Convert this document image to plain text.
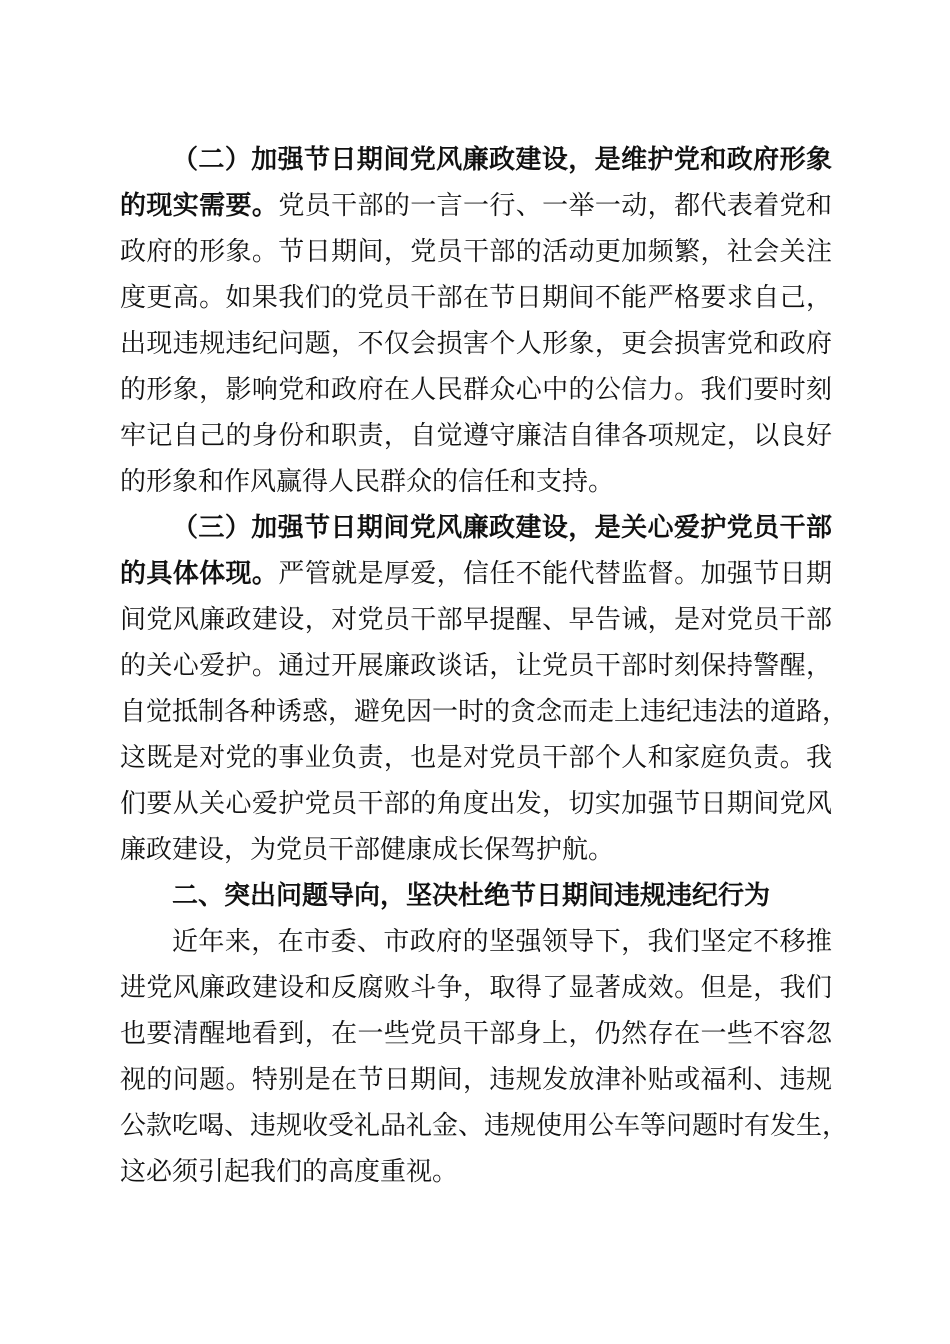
（二）加强节日期间党风廉政建设，是维护党和政府形象
的现实需要。党员干部的一言一行、一举一动，都代表着党和
政府的形象。节日期间，党员干部的活动更加频繁，社会关注
度更高。如果我们的党员干部在节日期间不能严格要求自己，
出现违规违纪问题，不仅会损害个人形象，更会损害党和政府
的形象，影响党和政府在人民群众心中的公信力。我们要时刻
牢记自己的身份和职责，自觉遵守廉洁自律各项规定，以良好
的形象和作风赢得人民群众的信任和支持。
（三）加强节日期间党风廉政建设，是关心爱护党员干部
的具体体现。严管就是厚爱，信任不能代替监督。加强节日期
间党风廉政建设，对党员干部早提醒、早告诫，是对党员干部
的关心爱护。通过开展廉政谈话，让党员干部时刻保持警醒，
自觉抵制各种诱惑，避免因一时的贪念而走上违纪违法的道路，
这既是对党的事业负责，也是对党员干部个人和家庭负责。我
们要从关心爱护党员干部的角度出发，切实加强节日期间党风
廉政建设，为党员干部健康成长保驾护航。
二、突出问题导向，坚决杜绝节日期间违规违纪行为
近年来，在市委、市政府的坚强领导下，我们坚定不移推
进党风廉政建设和反腐败斗争，取得了显著成效。但是，我们
也要清醒地看到，在一些党员干部身上，仍然存在一些不容忽
视的问题。特别是在节日期间，违规发放津补贴或福利、违规
公款吃喝、违规收受礼品礼金、违规使用公车等问题时有发生，
这必须引起我们的高度重视。
